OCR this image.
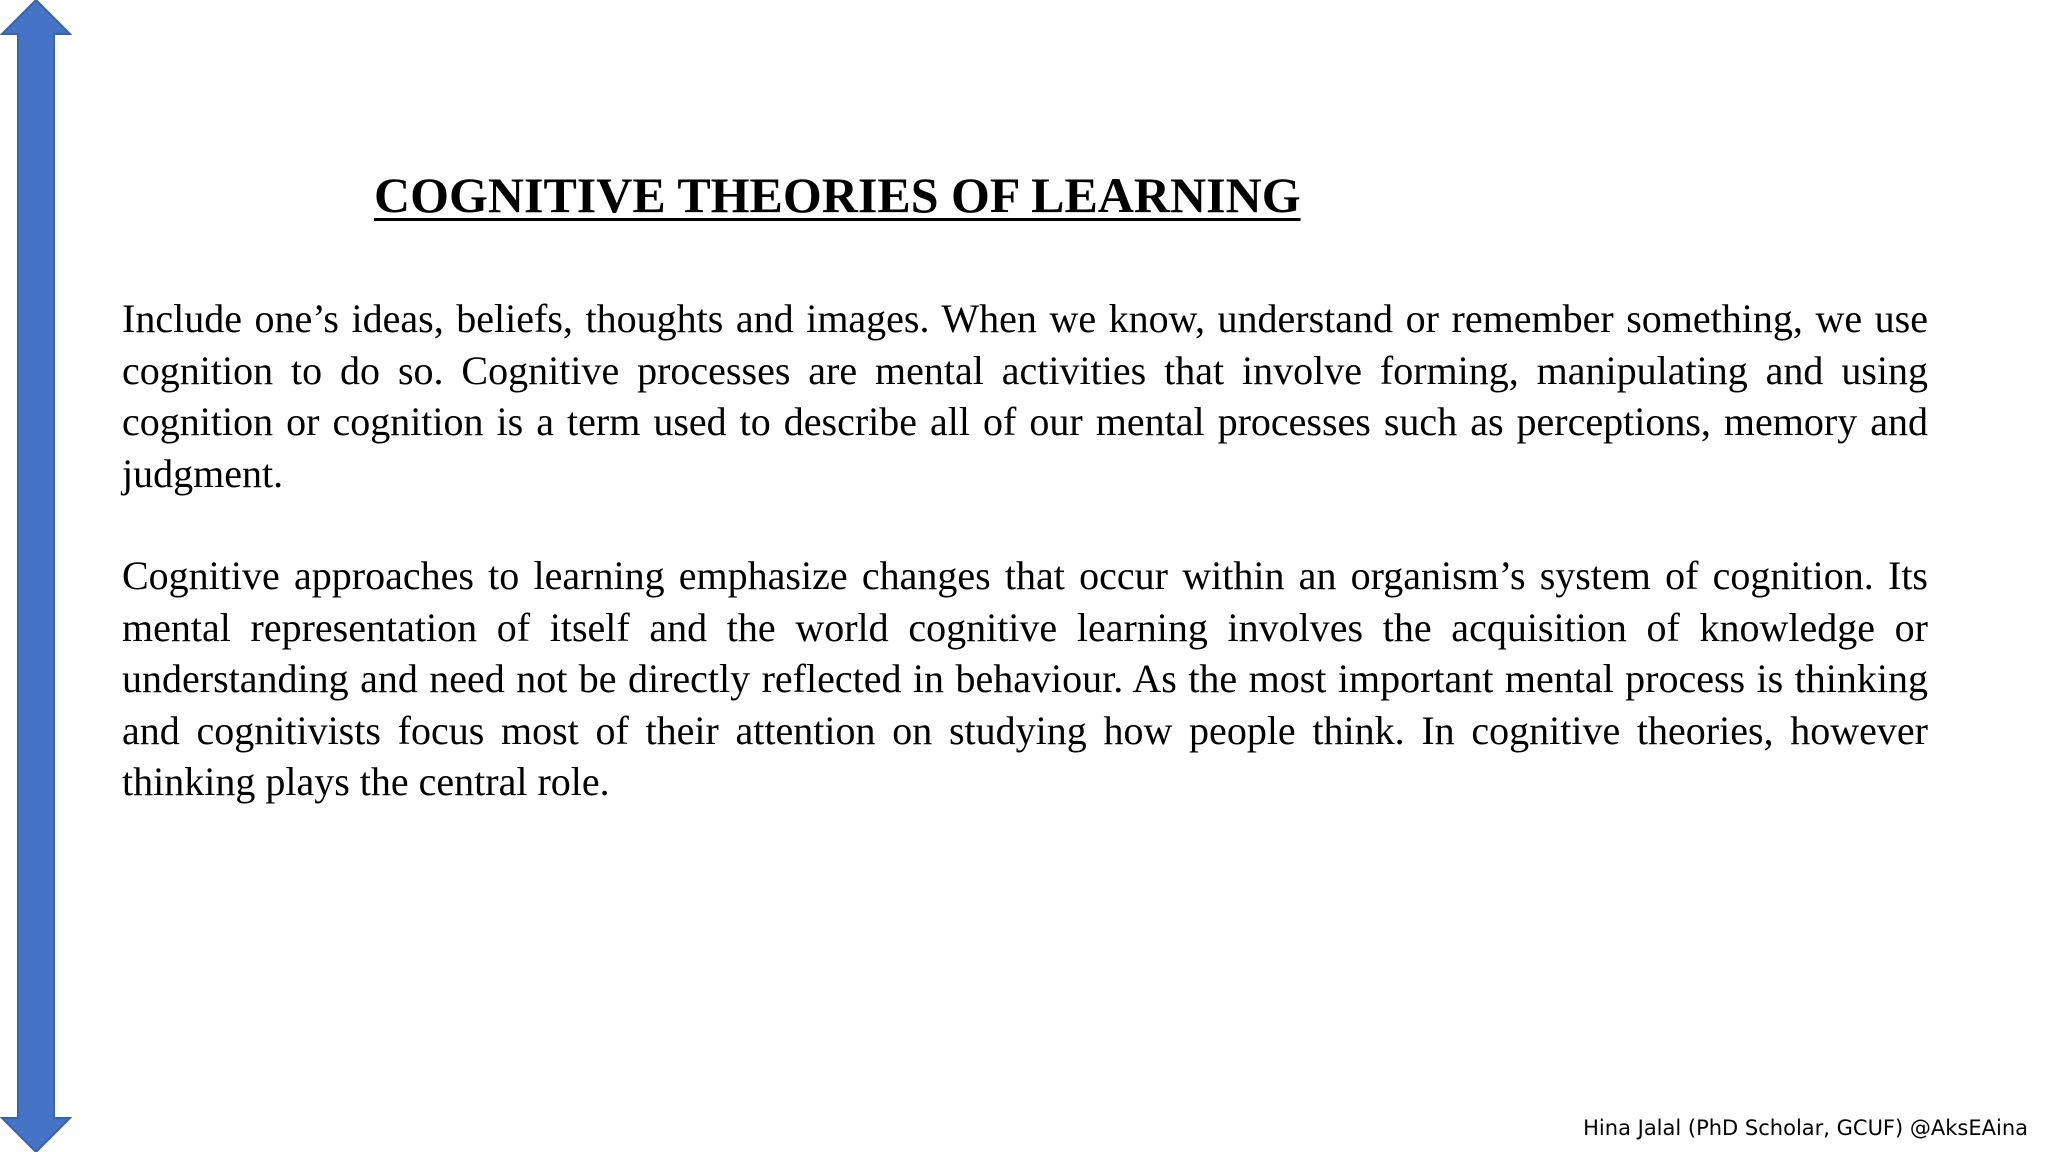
COGNITIVE THEORIES OF LEARNING

Include one’s ideas, beliefs, thoughts and images. When we know, understand or remember something, we use cognition to do so. Cognitive processes are mental activities that involve forming, manipulating and using cognition or cognition is a term used to describe all of our mental processes such as perceptions, memory and judgment.

Cognitive approaches to learning emphasize changes that occur within an organism’s system of cognition. Its mental representation of itself and the world cognitive learning involves the acquisition of knowledge or understanding and need not be directly reflected in behaviour. As the most important mental process is thinking and cognitivists focus most of their attention on studying how people think. In cognitive theories, however thinking plays the central role.

Hina Jalal (PhD Scholar, GCUF) @AksEAina
